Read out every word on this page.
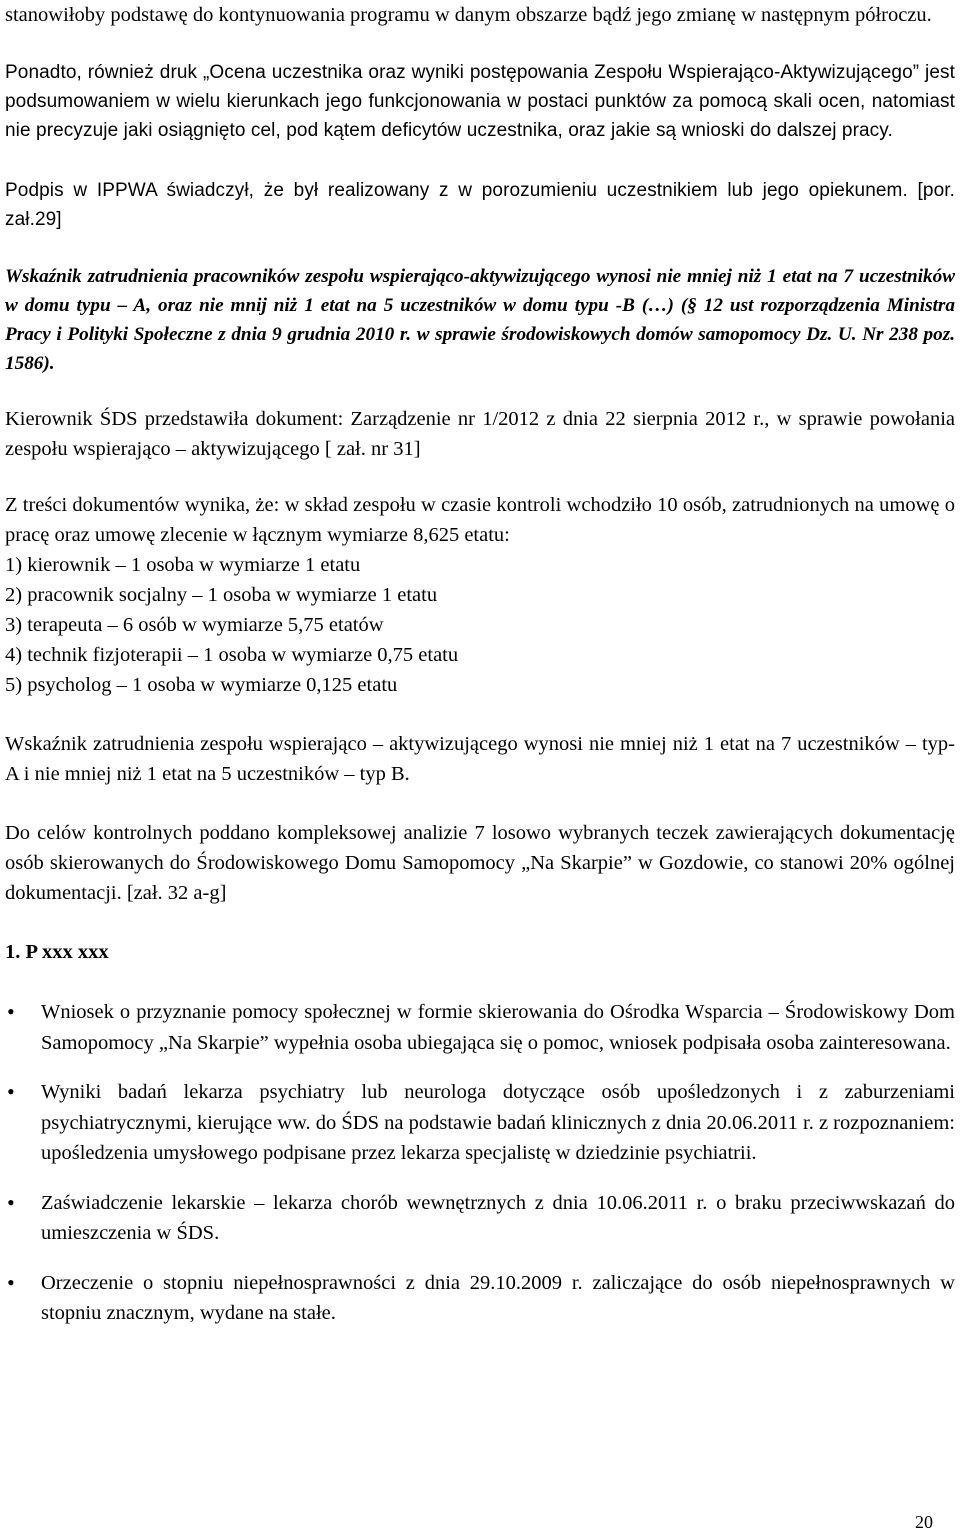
stanowiłoby podstawę do kontynuowania programu w danym obszarze bądź jego zmianę w następnym półroczu.

Ponadto, również druk „Ocena uczestnika oraz wyniki postępowania Zespołu Wspierająco-Aktywizującego” jest podsumowaniem w wielu kierunkach jego funkcjonowania w postaci punktów za pomocą skali ocen, natomiast nie precyzuje jaki osiągnięto cel, pod kątem deficytów uczestnika, oraz jakie są wnioski do dalszej pracy.

Podpis w IPPWA świadczył, że był realizowany z w porozumieniu uczestnikiem lub jego opiekunem. [por. zał.29]

Wskaźnik zatrudnienia pracowników zespołu wspierająco-aktywizującego wynosi nie mniej niż 1 etat na 7 uczestników w domu typu – A, oraz nie mnij niż 1 etat na 5 uczestników w domu typu -B (…) (§ 12 ust rozporządzenia Ministra Pracy i Polityki Społeczne z dnia 9 grudnia 2010 r. w sprawie środowiskowych domów samopomocy Dz. U. Nr 238 poz. 1586).

Kierownik ŚDS przedstawiła dokument: Zarządzenie nr 1/2012 z dnia 22 sierpnia 2012 r., w sprawie powołania zespołu wspierająco – aktywizującego [ zał. nr 31]

Z treści dokumentów wynika, że: w skład zespołu w czasie kontroli wchodziło 10 osób, zatrudnionych na umowę o pracę oraz umowę zlecenie w łącznym wymiarze 8,625 etatu:

1) kierownik – 1 osoba w wymiarze 1 etatu
2) pracownik socjalny – 1 osoba w wymiarze 1 etatu
3) terapeuta – 6 osób w wymiarze 5,75 etatów
4) technik fizjoterapii – 1 osoba w wymiarze 0,75 etatu
5) psycholog – 1 osoba w wymiarze 0,125 etatu

Wskaźnik zatrudnienia zespołu wspierająco – aktywizującego wynosi nie mniej niż 1 etat na 7 uczestników – typ-A i nie mniej niż 1 etat na 5 uczestników – typ B.

Do celów kontrolnych poddano kompleksowej analizie 7 losowo wybranych teczek zawierających dokumentację osób skierowanych do Środowiskowego Domu Samopomocy „Na Skarpie” w Gozdowie, co stanowi 20% ogólnej dokumentacji. [zał. 32 a-g]

1. P xxx xxx
• Wniosek o przyznanie pomocy społecznej w formie skierowania do Ośrodka Wsparcia – Środowiskowy Dom Samopomocy „Na Skarpie” wypełnia osoba ubiegająca się o pomoc, wniosek podpisała osoba zainteresowana.
• Wyniki badań lekarza psychiatry lub neurologa dotyczące osób upośledzonych i z zaburzeniami psychiatrycznymi, kierujące ww. do ŚDS na podstawie badań klinicznych z dnia 20.06.2011 r. z rozpoznaniem: upośledzenia umysłowego podpisane przez lekarza specjalistę w dziedzinie psychiatrii.
• Zaświadczenie lekarskie – lekarza chorób wewnętrznych z dnia 10.06.2011 r. o braku przeciwwskazań do umieszczenia w ŚDS.
• Orzeczenie o stopniu niepełnosprawności z dnia 29.10.2009 r. zaliczające do osób niepełnosprawnych w stopniu znacznym, wydane na stałe.
20
